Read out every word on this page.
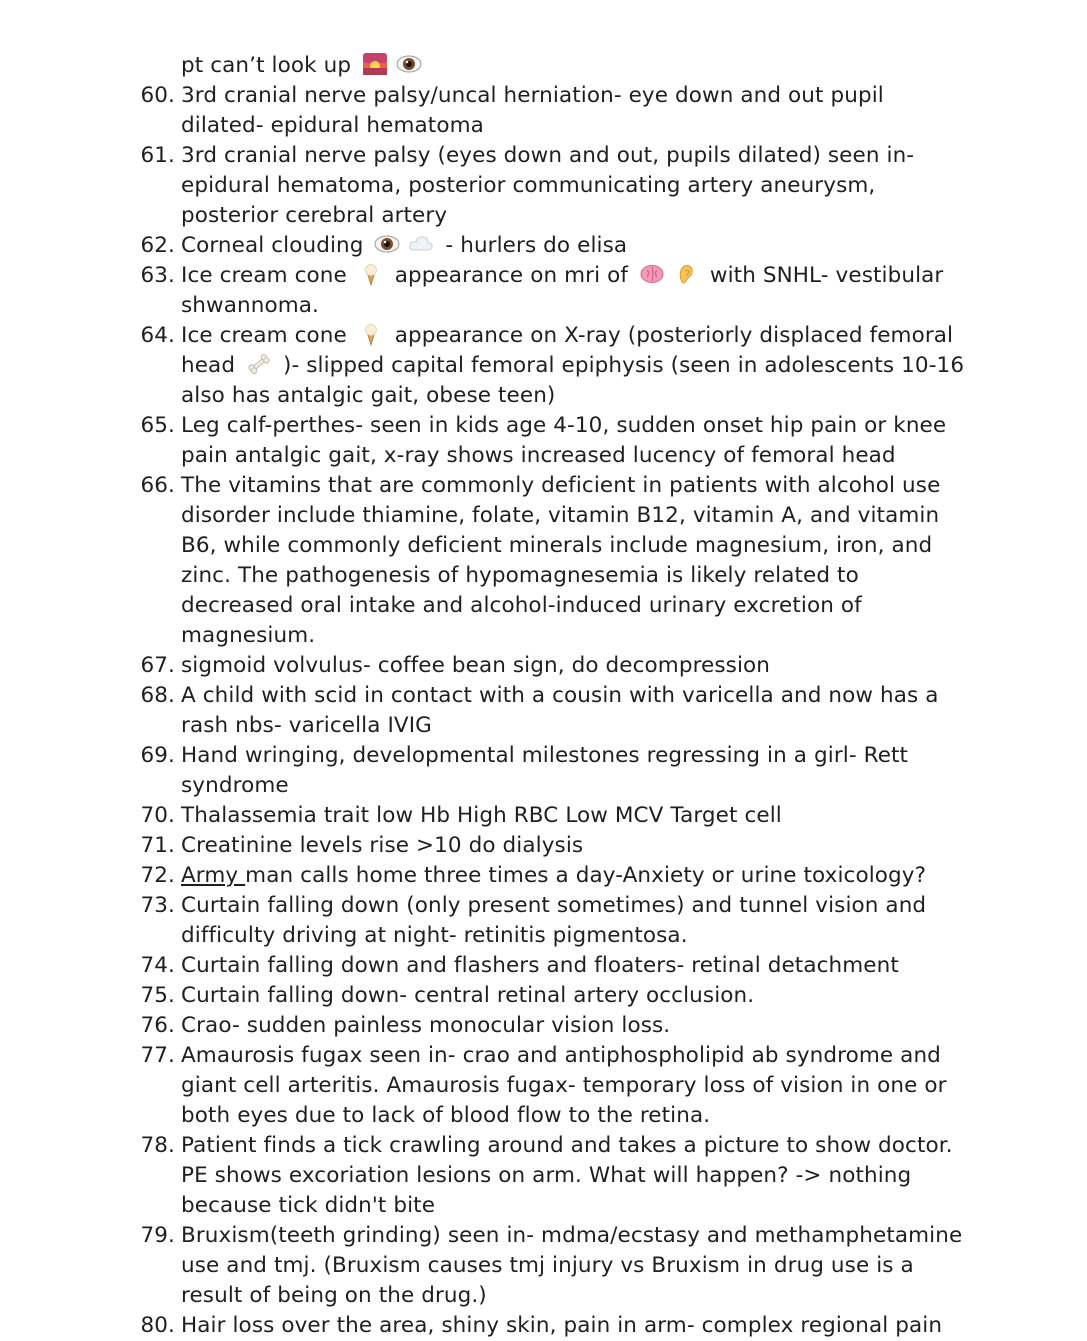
pt can’t look up
60. 3rd cranial nerve palsy/uncal herniation- eye down and out pupil dilated- epidural hematoma
61. 3rd cranial nerve palsy (eyes down and out, pupils dilated) seen in- epidural hematoma, posterior communicating artery aneurysm, posterior cerebral artery
62. Corneal clouding	- hurlers do elisa
63. Ice cream cone appearance on mri of	with SNHL- vestibular shwannoma.
64. Ice cream cone appearance on X-ray (posteriorly displaced femoral head )- slipped capital femoral epiphysis (seen in adolescents 10-16 also has antalgic gait, obese teen)
65. Leg calf-perthes- seen in kids age 4-10, sudden onset hip pain or knee pain antalgic gait, x-ray shows increased lucency of femoral head
66. The vitamins that are commonly deficient in patients with alcohol use disorder include thiamine, folate, vitamin B12, vitamin A, and vitamin B6, while commonly deficient minerals include magnesium, iron, and zinc. The pathogenesis of hypomagnesemia is likely related to decreased oral intake and alcohol-induced urinary excretion of magnesium.
67. sigmoid volvulus- coffee bean sign, do decompression
68. A child with scid in contact with a cousin with varicella and now has a rash nbs- varicella IVIG
69. Hand wringing, developmental milestones regressing in a girl- Rett syndrome
70. Thalassemia trait low Hb High RBC Low MCV Target cell
71. Creatinine levels rise >10 do dialysis
72. Army man calls home three times a day-Anxiety or urine toxicology?
73. Curtain falling down (only present sometimes) and tunnel vision and difficulty driving at night- retinitis pigmentosa.
74. Curtain falling down and flashers and floaters- retinal detachment
75. Curtain falling down- central retinal artery occlusion.
76. Crao- sudden painless monocular vision loss.
77. Amaurosis fugax seen in- crao and antiphospholipid ab syndrome and giant cell arteritis. Amaurosis fugax- temporary loss of vision in one or both eyes due to lack of blood flow to the retina.
78. Patient finds a tick crawling around and takes a picture to show doctor. PE shows excoriation lesions on arm. What will happen? -> nothing because tick didn't bite
79. Bruxism(teeth grinding) seen in- mdma/ecstasy and methamphetamine use and tmj. (Bruxism causes tmj injury vs Bruxism in drug use is a result of being on the drug.)
80. Hair loss over the area, shiny skin, pain in arm- complex regional pain
